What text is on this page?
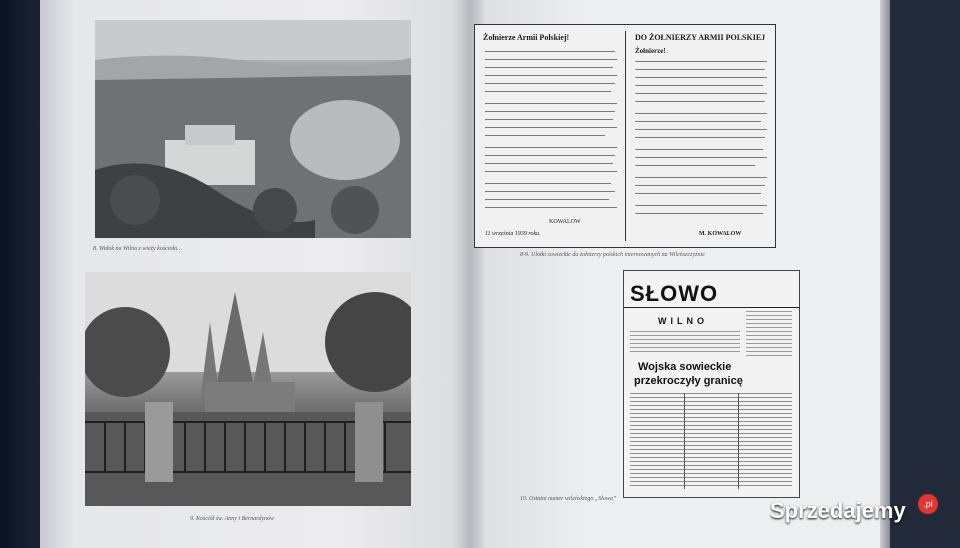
8. Widok na Wilno z wieży kościoła…
9. Kościół św. Anny i Bernardynów
Żołnierze Armii Polskiej!
KOWALOW
11 września 1939 roku.
DO ŻOŁNIERZY ARMII POLSKIEJ
Żołnierze!
M. KOWALOW
8-9. Ulotki sowieckie do żołnierzy polskich internowanych na Wileńszczyźnie
SŁOWO
WILNO
Wojska sowieckie
przekroczyły granicę
10. Ostatni numer wileńskiego „Słowa”	Sprzedajemy	.pl
